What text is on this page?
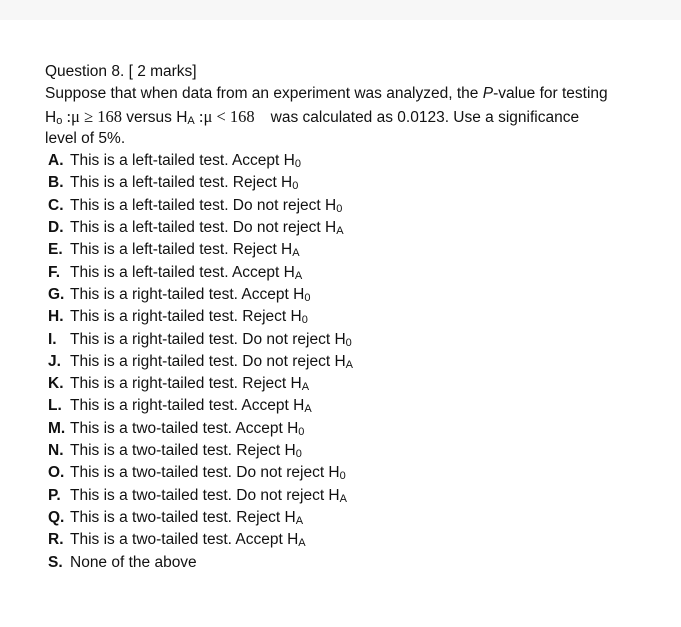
Question 8. [ 2 marks]
Suppose that when data from an experiment was analyzed, the P-value for testing
Ho :μ ≥ 168 versus HA :μ < 168 was calculated as 0.0123. Use a significance
level of 5%.
A. This is a left-tailed test. Accept H0
B. This is a left-tailed test. Reject H0
C. This is a left-tailed test. Do not reject H0
D. This is a left-tailed test. Do not reject HA
E. This is a left-tailed test. Reject HA
F. This is a left-tailed test. Accept HA
G. This is a right-tailed test. Accept H0
H. This is a right-tailed test. Reject H0
I. This is a right-tailed test. Do not reject H0
J. This is a right-tailed test. Do not reject HA
K. This is a right-tailed test. Reject HA
L. This is a right-tailed test. Accept HA
M. This is a two-tailed test. Accept H0
N. This is a two-tailed test. Reject H0
O. This is a two-tailed test. Do not reject H0
P. This is a two-tailed test. Do not reject HA
Q. This is a two-tailed test. Reject HA
R. This is a two-tailed test. Accept HA
S. None of the above
